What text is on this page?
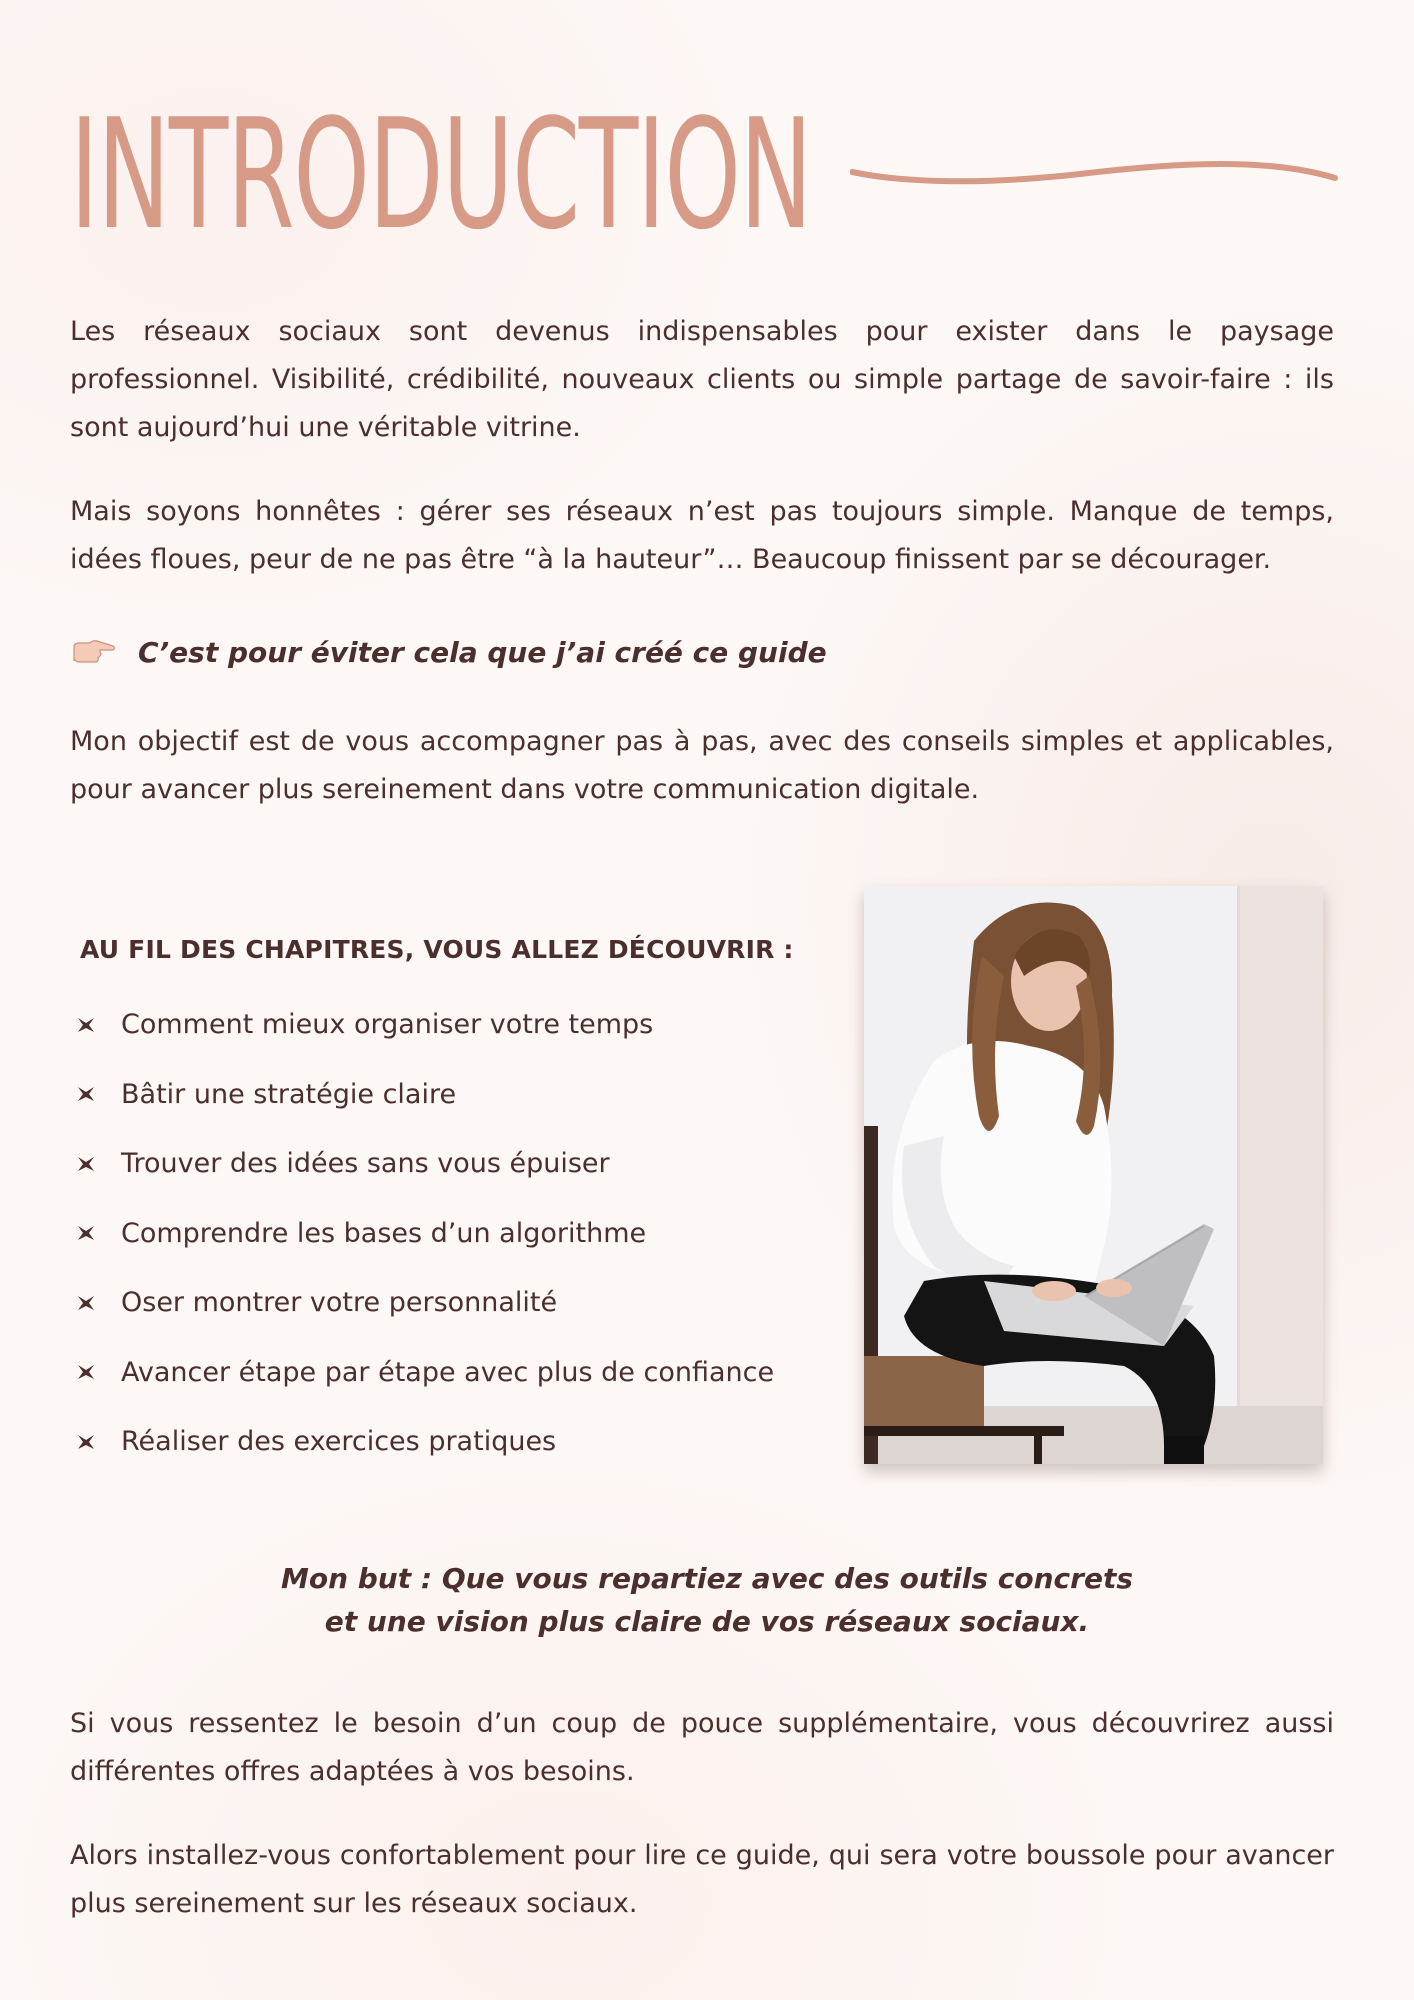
INTRODUCTION

Les réseaux sociaux sont devenus indispensables pour exister dans le paysage professionnel. Visibilité, crédibilité, nouveaux clients ou simple partage de savoir-faire : ils sont aujourd’hui une véritable vitrine.

Mais soyons honnêtes : gérer ses réseaux n’est pas toujours simple. Manque de temps, idées floues, peur de ne pas être “à la hauteur”… Beaucoup finissent par se décourager.

C’est pour éviter cela que j’ai créé ce guide

Mon objectif est de vous accompagner pas à pas, avec des conseils simples et applicables, pour avancer plus sereinement dans votre communication digitale.

AU FIL DES CHAPITRES, VOUS ALLEZ DÉCOUVRIR :
Comment mieux organiser votre temps
Bâtir une stratégie claire
Trouver des idées sans vous épuiser
Comprendre les bases d’un algorithme
Oser montrer votre personnalité
Avancer étape par étape avec plus de confiance
Réaliser des exercices pratiques
Mon but : Que vous repartiez avec des outils concrets
et une vision plus claire de vos réseaux sociaux.

Si vous ressentez le besoin d’un coup de pouce supplémentaire, vous découvrirez aussi différentes offres adaptées à vos besoins.

Alors installez-vous confortablement pour lire ce guide, qui sera votre boussole pour avancer plus sereinement sur les réseaux sociaux.
